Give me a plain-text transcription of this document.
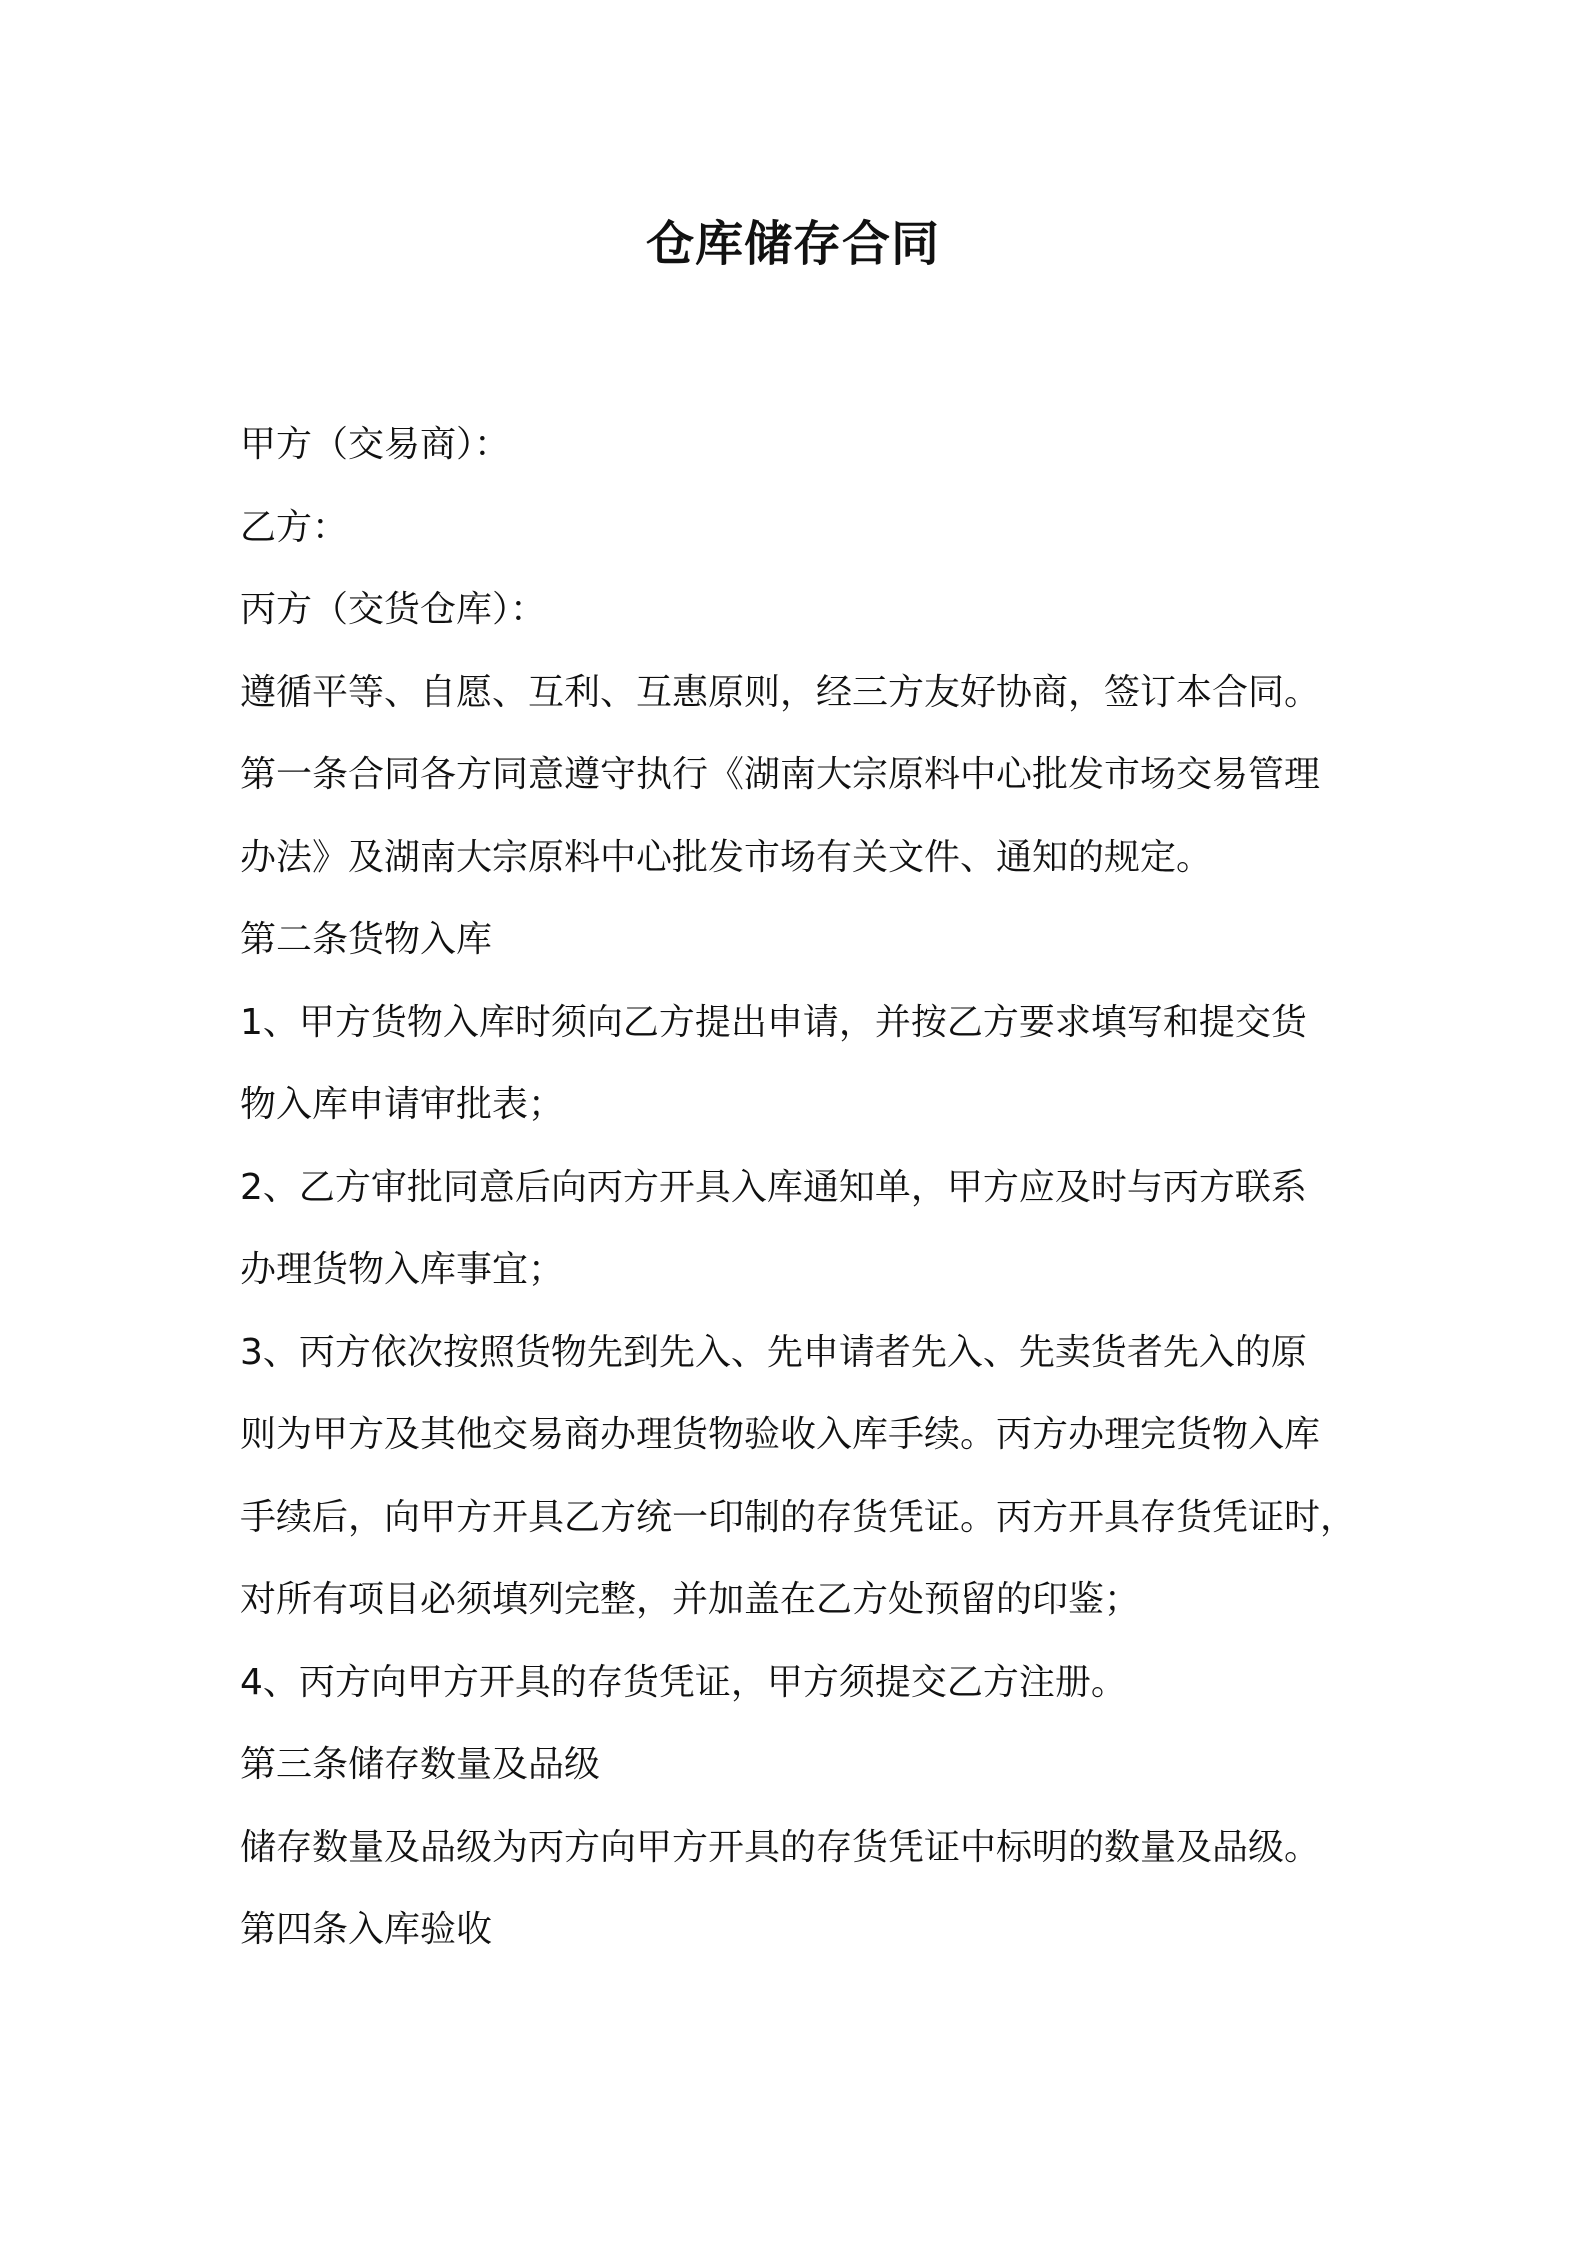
仓库储存合同
甲方（交易商）：
乙方：
丙方（交货仓库）：
遵循平等、自愿、互利、互惠原则，经三方友好协商，签订本合同。
第一条合同各方同意遵守执行《湖南大宗原料中心批发市场交易管理
办法》及湖南大宗原料中心批发市场有关文件、通知的规定。
第二条货物入库
1、甲方货物入库时须向乙方提出申请，并按乙方要求填写和提交货
物入库申请审批表；
2、乙方审批同意后向丙方开具入库通知单，甲方应及时与丙方联系
办理货物入库事宜；
3、丙方依次按照货物先到先入、先申请者先入、先卖货者先入的原
则为甲方及其他交易商办理货物验收入库手续。丙方办理完货物入库
手续后，向甲方开具乙方统一印制的存货凭证。丙方开具存货凭证时，
对所有项目必须填列完整，并加盖在乙方处预留的印鉴；
4、丙方向甲方开具的存货凭证，甲方须提交乙方注册。
第三条储存数量及品级
储存数量及品级为丙方向甲方开具的存货凭证中标明的数量及品级。
第四条入库验收
